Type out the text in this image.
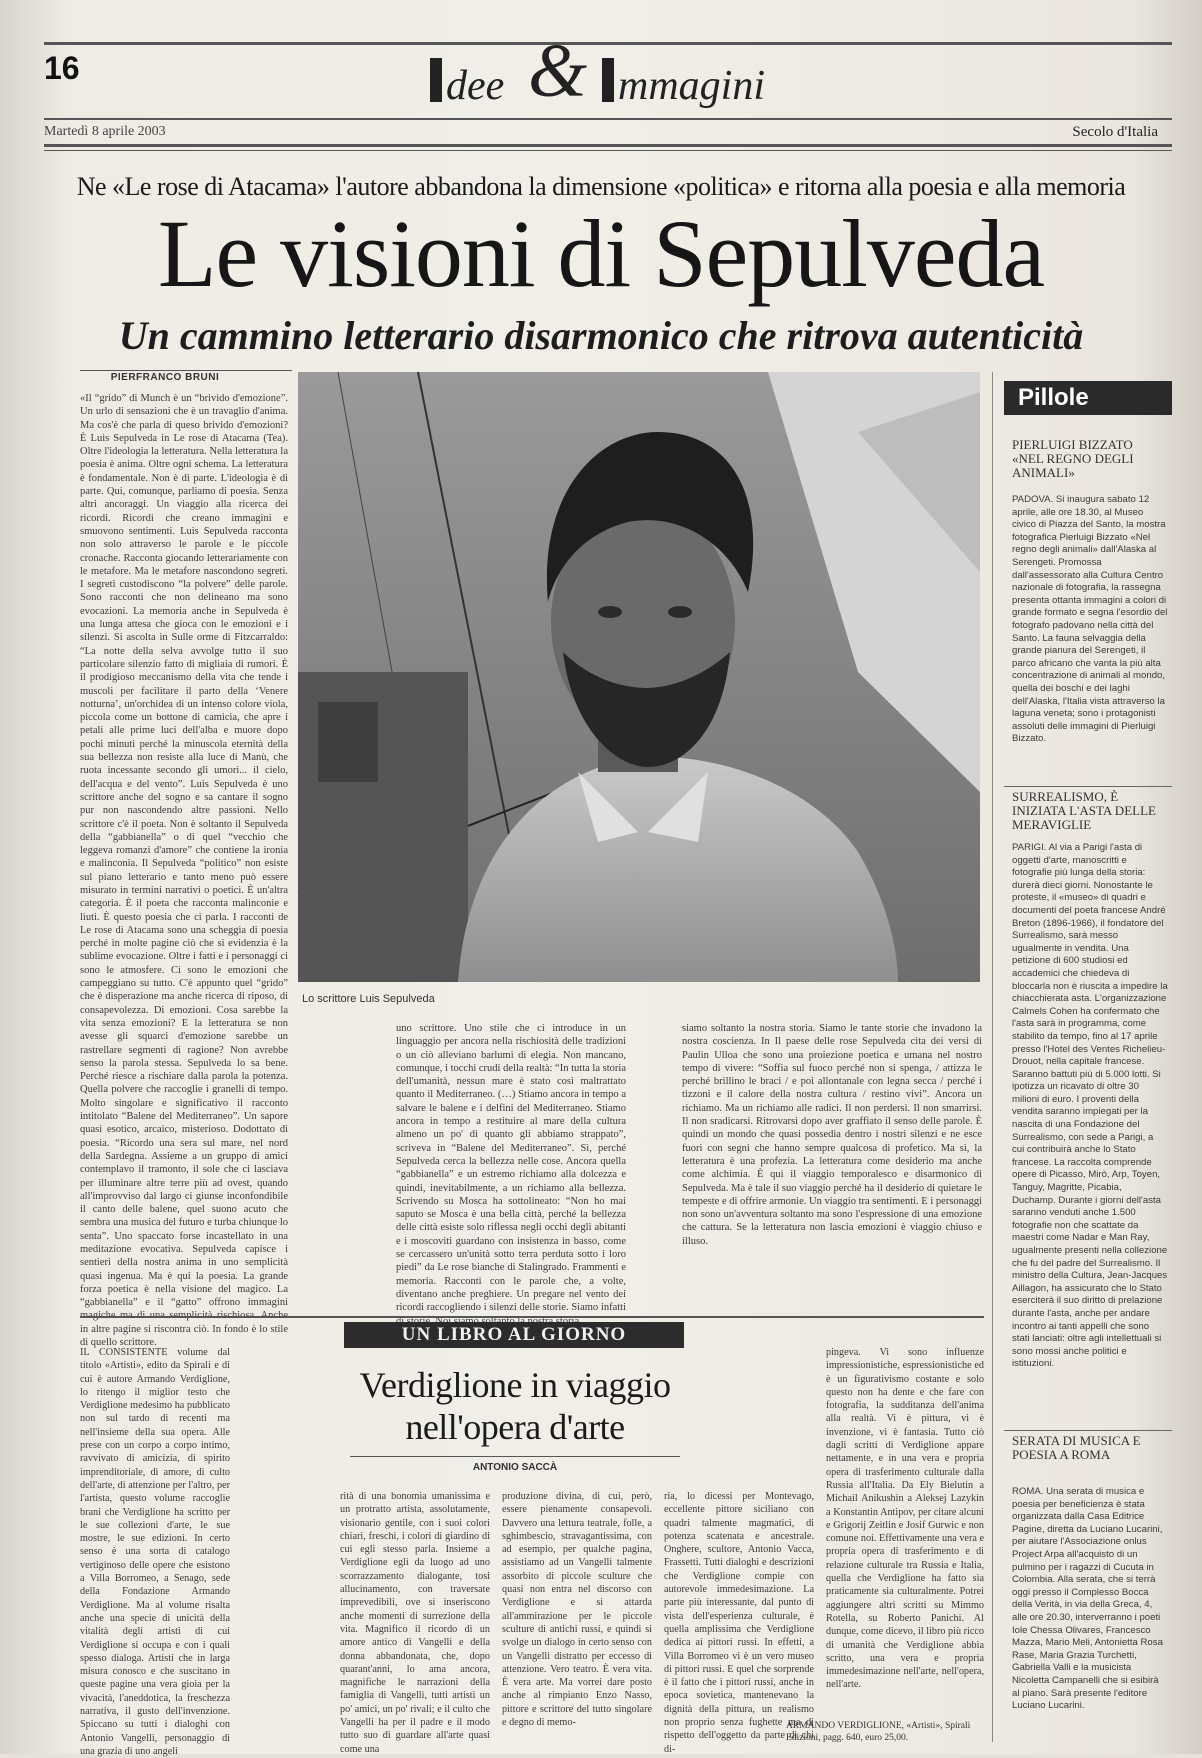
16	dee & mmagini
Martedì 8 aprile 2003	Secolo d'Italia
Ne «Le rose di Atacama» l'autore abbandona la dimensione «politica» e ritorna alla poesia e alla memoria
Le visioni di Sepulveda
Un cammino letterario disarmonico che ritrova autenticità
PIERFRANCO BRUNI
«Il “grido” di Munch è un “brivido d'emozione”. Un urlo di sensazioni che è un travaglio d'anima. Ma cos'è che parla di queso brivido d'emozioni? È Luis Sepulveda in Le rose di Atacama (Tea). Oltre l'ideologia la letteratura. Nella letteratura la poesia è anima. Oltre ogni schema. La letteratura è fondamentale. Non è di parte. L'ideologia è di parte. Qui, comunque, parliamo di poesia. Senza altri ancoraggi. Un viaggio alla ricerca dei ricordi. Ricordi che creano immagini e smuovono sentimenti. Luis Sepulveda racconta non solo attraverso le parole e le piccole cronache. Racconta giocando letterariamente con le metafore. Ma le metafore nascondono segreti. I segreti custodiscono “la polvere” delle parole. Sono racconti che non delineano ma sono evocazioni. La memoria anche in Sepulveda è una lunga attesa che gioca con le emozioni e i silenzi. Si ascolta in Sulle orme di Fitzcarraldo: “La notte della selva avvolge tutto il suo particolare silenzio fatto di migliaia di rumori. È il prodigioso meccanismo della vita che tende i muscoli per facilitare il parto della ‘Venere notturna’, un'orchidea di un intenso colore viola, piccola come un bottone di camicia, che apre i petali alle prime luci dell'alba e muore dopo pochi minuti perché la minuscola eternità della sua bellezza non resiste alla luce di Manù, che ruota incessante secondo gli umori... il cielo, dell'acqua e del vento”. Luis Sepulveda è uno scrittore anche del sogno e sa cantare il sogno pur non nascondendo altre passioni. Nello scrittore c'è il poeta. Non è soltanto il Sepulveda della “gabbianella” o di quel “vecchio che leggeva romanzi d'amore” che contiene la ironia e malinconia. Il Sepulveda “politico” non esiste sul piano letterario e tanto meno può essere misurato in termini narrativi o poetici. È un'altra categoria. È il poeta che racconta malinconie e liuti. È questo poesia che ci parla. I racconti de Le rose di Atacama sono una scheggia di poesia perché in molte pagine ciò che si evidenzia è la sublime evocazione. Oltre i fatti e i personaggi ci sono le atmosfere. Ci sono le emozioni che campeggiano su tutto. C'è appunto quel “grido” che è disperazione ma anche ricerca di riposo, di consapevolezza. Di emozioni. Cosa sarebbe la vita senza emozioni? E la letteratura se non avesse gli squarci d'emozione sarebbe un rastrellare segmenti di ragione? Non avrebbe senso la parola stessa. Sepulveda lo sa bene. Perché riesce a rischiare dalla parola la potenza. Quella polvere che raccoglie i granelli di tempo. Molto singolare e significativo il racconto intitolato “Balene del Mediterraneo”. Un sapore quasi esotico, arcaico, misterioso. Dodottato di poesia. “Ricordo una sera sul mare, nel nord della Sardegna. Assieme a un gruppo di amici contemplavo il tramonto, il sole che ci lasciava per illuminare altre terre più ad ovest, quando all'improvviso dal largo ci giunse inconfondibile il canto delle balene, quel suono acuto che sembra una musica del futuro e turba chiunque lo senta”. Uno spaccato forse incastellato in una meditazione evocativa. Sepulveda capisce i sentieri della nostra anima in uno semplicità quasi ingenua. Ma è qui la poesia. La grande forza poetica è nella visione del magico. La “gabbianella” e il “gatto” offrono immagini in altre pagine si riscontra ciò. In fondo è lo stile di quello scrittore.
Lo scrittore Luis Sepulveda
uno scrittore. Uno stile che ci introduce in un linguaggio per ancora nella rischiosità delle tradizioni o un ciò alleviano barlumi di elegia. Non mancano, comunque, i tocchi crudi della realtà: “In tutta la storia dell'umanità, nessun mare è stato così maltrattato quanto il Mediterraneo. (…) Stiamo ancora in tempo a salvare le balene e i delfini del Mediterraneo. Stiamo ancora in tempo a restituire al mare della cultura almeno un po' di quanto gli abbiamo strappato”, scriveva in “Balene del Mediterraneo”. Sì, perché Sepulveda cerca la bellezza nelle cose. Ancora quella “gabbianella” e un estremo richiamo alla dolcezza e quindi, inevitabilmente, a un richiamo alla bellezza. Scrivendo su Mosca ha sottolineato: “Non ho mai saputo se Mosca è una bella città, perché la bellezza delle città esiste solo riflessa negli occhi degli abitanti e i moscoviti guardano con insistenza in basso, come se cercassero un'unità sotto terra perduta sotto i loro piedi” da Le rose bianche di Stalingrado. Frammenti e memoria. Racconti con le parole che, a volte, diventano anche preghiere. Un pregare nel vento dei ricordi raccogliendo i silenzi delle storie. Siamo infatti
siamo soltanto la nostra storia. Siamo le tante storie che invadono la nostra coscienza. In Il paese delle rose Sepulveda cita dei versi di Paulin Ulloa che sono una proiezione poetica e umana nel nostro tempo di vivere: “Soffia sul fuoco perché non si spenga, / attizza le perché brillino le braci / e poi allontanale con legna secca / perché i tizzoni e il calore della nostra cultura / restino vivi”. Ancora un richiamo. Ma un richiamo alle radici. Il non perdersi. Il non smarrirsi. Il non sradicarsi. Ritrovarsi dopo aver graffiato il senso delle parole. È quindi un mondo che quasi possedia dentro i nostri silenzi e ne esce fuori con segni che hanno sempre qualcosa di profetico. Ma sì, la letteratura è una profezia. La letteratura come desiderio ma anche come alchimia. È qui il viaggio temporalesco e disarmonico di Sepulveda. Ma è tale il suo viaggio perché ha il desiderio di quietare le tempeste e di offrire armonie. Un viaggio tra sentimenti. E i personaggi non sono un'avventura soltanto ma sono l'espressione di una emozione che cattura. Se la letteratura non lascia emozioni è viaggio chiuso e illuso.
Pillole
PIERLUIGI BIZZATO «NEL REGNO DEGLI ANIMALI»
PADOVA. Si inaugura sabato 12 aprile, alle ore 18.30, al Museo civico di Piazza del Santo, la mostra fotografica Pierluigi Bizzato «Nel regno degli animali» dall'Alaska al Serengeti. Promossa dall'assessorato alla Cultura Centro nazionale di fotografia, la rassegna presenta ottanta immagini a colori di grande formato e segna l'esordio del fotografo padovano nella città del Santo. La fauna selvaggia della grande pianura del Serengeti, il parco africano che vanta la più alta concentrazione di animali al mondo, quella dei boschi e dei laghi dell'Alaska, l'Italia vista attraverso la laguna veneta; sono i protagonisti assoluti delle immagini di Pierluigi Bizzato.
SURREALISMO, È INIZIATA L'ASTA DELLE MERAVIGLIE
PARIGI. Al via a Parigi l'asta di oggetti d'arte, manoscritti e fotografie più lunga della storia: durerà dieci giorni. Nonostante le proteste, il «museo» di quadri e documenti del poeta francese André Breton (1896-1966), il fondatore del Surrealismo, sarà messo ugualmente in vendita. Una petizione di 600 studiosi ed accademici che chiedeva di bloccarla non è riuscita a impedire la chiacchierata asta. L'organizzazione Calmels Cohen ha confermato che l'asta sarà in programma, come stabilito da tempo, fino al 17 aprile presso l'Hotel des Ventes Richelieu-Drouot, nella capitale francese. Saranno battuti più di 5.000 lotti. Si ipotizza un ricavato di oltre 30 milioni di euro. I proventi della vendita saranno impiegati per la nascita di una Fondazione del Surrealismo, con sede a Parigi, a cui contribuirà anche lo Stato francese. La raccolta comprende opere di Picasso, Mirò, Arp, Toyen, Tanguy, Magritte, Picabia, Duchamp. Durante i giorni dell'asta saranno venduti anche 1.500 fotografie non che scattate da maestri come Nadar e Man Ray, ugualmente presenti nella collezione che fu del padre del Surrealismo. Il ministro della Cultura, Jean-Jacques Aillagon, ha assicurato che lo Stato eserciterà il suo diritto di prelazione durante l'asta, anche per andare incontro ai tanti appelli che sono stati lanciati: oltre agli intellettuali si sono mossi anche politici e istituzioni.
SERATA DI MUSICA E POESIA A ROMA
ROMA. Una serata di musica e poesia per beneficienza è stata organizzata dalla Casa Editrice Pagine, diretta da Luciano Lucarini, per aiutare l'Associazione onlus Project Arpa all'acquisto di un pulmino per i ragazzi di Cucuta in Colombia. Alla serata, che si terrà oggi presso il Complesso Bocca della Verità, in via della Greca, 4, alle ore 20.30, interverranno i poeti Iole Chessa Olivares, Francesco Mazza, Mario Meli, Antonietta Rosa Rase, Maria Grazia Turchetti, Gabriella Valli e la musicista Nicoletta Campanelli che si esibirà al piano. Sarà presente l'editore Luciano Lucarini.
UN LIBRO AL GIORNO
Verdiglione in viaggio nell'opera d'arte
ANTONIO SACCÀ
IL CONSISTENTE volume dal titolo «Artisti», edito da Spirali e di cui è autore Armando Verdiglione, lo ritengo il miglior testo che Verdiglione medesimo ha pubblicato non sul tardo di recenti ma nell'insieme della sua opera. Alle prese con un corpo a corpo intimo, ravvivato di amicizia, di spirito imprenditoriale, di amore, di culto dell'arte, di attenzione per l'altro, per l'artista, questo volume raccoglie brani che Verdiglione ha scritto per le sue collezioni d'arte, le sue mostre, le sue edizioni. In certo senso è una sorta di catalogo vertiginoso delle opere che esistono a Villa Borromeo, a Senago, sede della Fondazione Armando Verdiglione. Ma al volume risalta anche una specie di unicità della vitalità degli artisti di cui Verdiglione si occupa e con i quali spesso dialoga. Artisti che in larga misura conosco e che suscitano in queste pagine una vera gioia per la vivacità, l'aneddotica, la freschezza narrativa, il gusto dell'invenzione. Spiccano su tutti i dialoghi con Antonio Vangelli, personaggio di una grazia di uno angeli
rità di una bonomia umanissima e un protratto artista, assolutamente, visionario gentile, con i suoi colori chiari, freschi, i colori di giardino di cui egli stesso parla. Insieme a Verdiglione egli da luogo ad uno scorrazzamento dialogante, tosi allucinamento, con traversate imprevedibili, ove si inseriscono anche momenti di surrezione della vita. Magnifico il ricordo di un amore antico di Vangelli e della donna abbandonata, che, dopo quarant'anni, lo ama ancora, magnifiche le narrazioni della famiglia di Vangelli, tutti artisti un po' amici, un po' rivali; e il culto che Vangelli ha per il padre e il modo tutto suo di guardare all'arte quasi come una
produzione divina, di cui, però, essere pienamente consapevoli. Davvero una lettura teatrale, folle, a sghimbescio, stravagantissima, con ad esempio, per qualche pagina, assistiamo ad un Vangelli talmente assorbito di piccole sculture che quasi non entra nel discorso con Verdiglione e si attarda all'ammirazione per le piccole sculture di antichi russi, e quindi si svolge un dialogo in certo senso con un Vangelli distratto per eccesso di attenzione. Vero teatro. È vera vita. È vera arte. Ma vorrei dare posto anche al rimpianto Enzo Nasso, pittore e scrittore del tutto singolare e degno di memo-
ria, lo dicessi per Montevago, eccellente pittore siciliano con quadri talmente magmatici, di potenza scatenata e ancestrale. Onghere, scultore, Antonio Vacca, Frassetti. Tutti dialoghi e descrizioni che Verdiglione compie con autorevole immedesimazione. La parte più interessante, dal punto di vista dell'esperienza culturale, è quella amplissima che Verdiglione dedica ai pittori russi. In effetti, a Villa Borromeo vi è un vero museo di pittori russi. E quel che sorprende è il fatto che i pittori russi, anche in epoca sovietica, mantenevano la dignità della pittura, un realismo non proprio senza fughette ma di rispetto dell'oggetto da parte di chi di-
pingeva. Vi sono influenze impressionistiche, espressionistiche ed è un figurativismo costante e solo questo non ha dente e che fare con fotografia, la sudditanza dell'anima alla realtà. Vi è pittura, vi è invenzione, vi è fantasia. Tutto ciò dagli scritti di Verdiglione appare nettamente, e in una vera e propria opera di trasferimento culturale dalla Russia all'Italia. Da Ely Bielutin a Michail Anikushin a Aleksej Lazykin a Konstantin Antipov, per citare alcuni e Grigorij Zeitlin e Josif Gurwic e non comune noi. Effettivamente una vera e propria opera di trasferimento e di relazione culturale tra Russia e Italia, quella che Verdiglione ha fatto sia praticamente sia culturalmente. Potrei aggiungere altri scritti su Mimmo Rotella, su Roberto Panichi. Al dunque, come dicevo, il libro più ricco di umanità che Verdiglione abbia scritto, una vera e propria immedesimazione nell'arte, nell'opera, nell'arte.
ARMANDO VERDIGLIONE, «Artisti», Spirali Edizioni, pagg. 640, euro 25,00.
